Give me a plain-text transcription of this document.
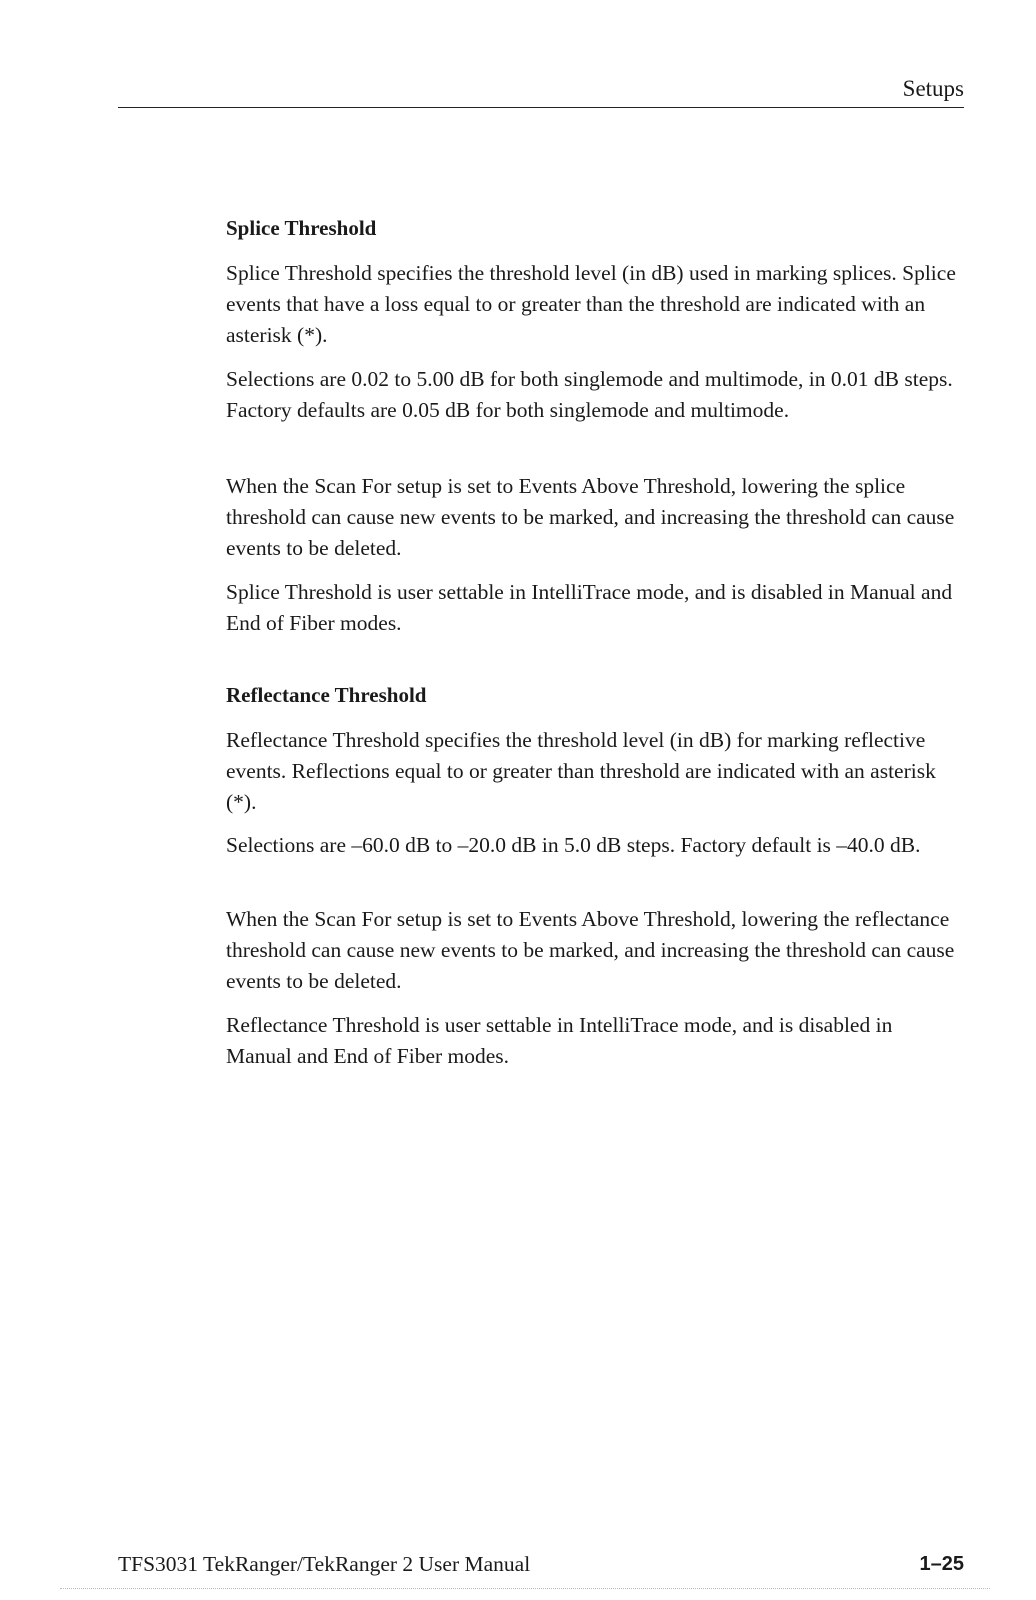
Setups
Splice Threshold

Splice Threshold specifies the threshold level (in dB) used in marking splices. Splice events that have a loss equal to or greater than the threshold are indicated with an asterisk (*).

Selections are 0.02 to 5.00 dB for both singlemode and multimode, in 0.01 dB steps. Factory defaults are 0.05 dB for both singlemode and multimode.

When the Scan For setup is set to Events Above Threshold, lowering the splice threshold can cause new events to be marked, and increasing the threshold can cause events to be deleted.

Splice Threshold is user settable in IntelliTrace mode, and is disabled in Manual and End of Fiber modes.

Reflectance Threshold

Reflectance Threshold specifies the threshold level (in dB) for marking reflective events. Reflections equal to or greater than threshold are indicated with an asterisk (*).

Selections are –60.0 dB to –20.0 dB in 5.0 dB steps. Factory default is –40.0 dB.

When the Scan For setup is set to Events Above Threshold, lowering the reflectance threshold can cause new events to be marked, and increasing the threshold can cause events to be deleted.

Reflectance Threshold is user settable in IntelliTrace mode, and is disabled in Manual and End of Fiber modes.

TFS3031 TekRanger/TekRanger 2 User Manual	1–25
